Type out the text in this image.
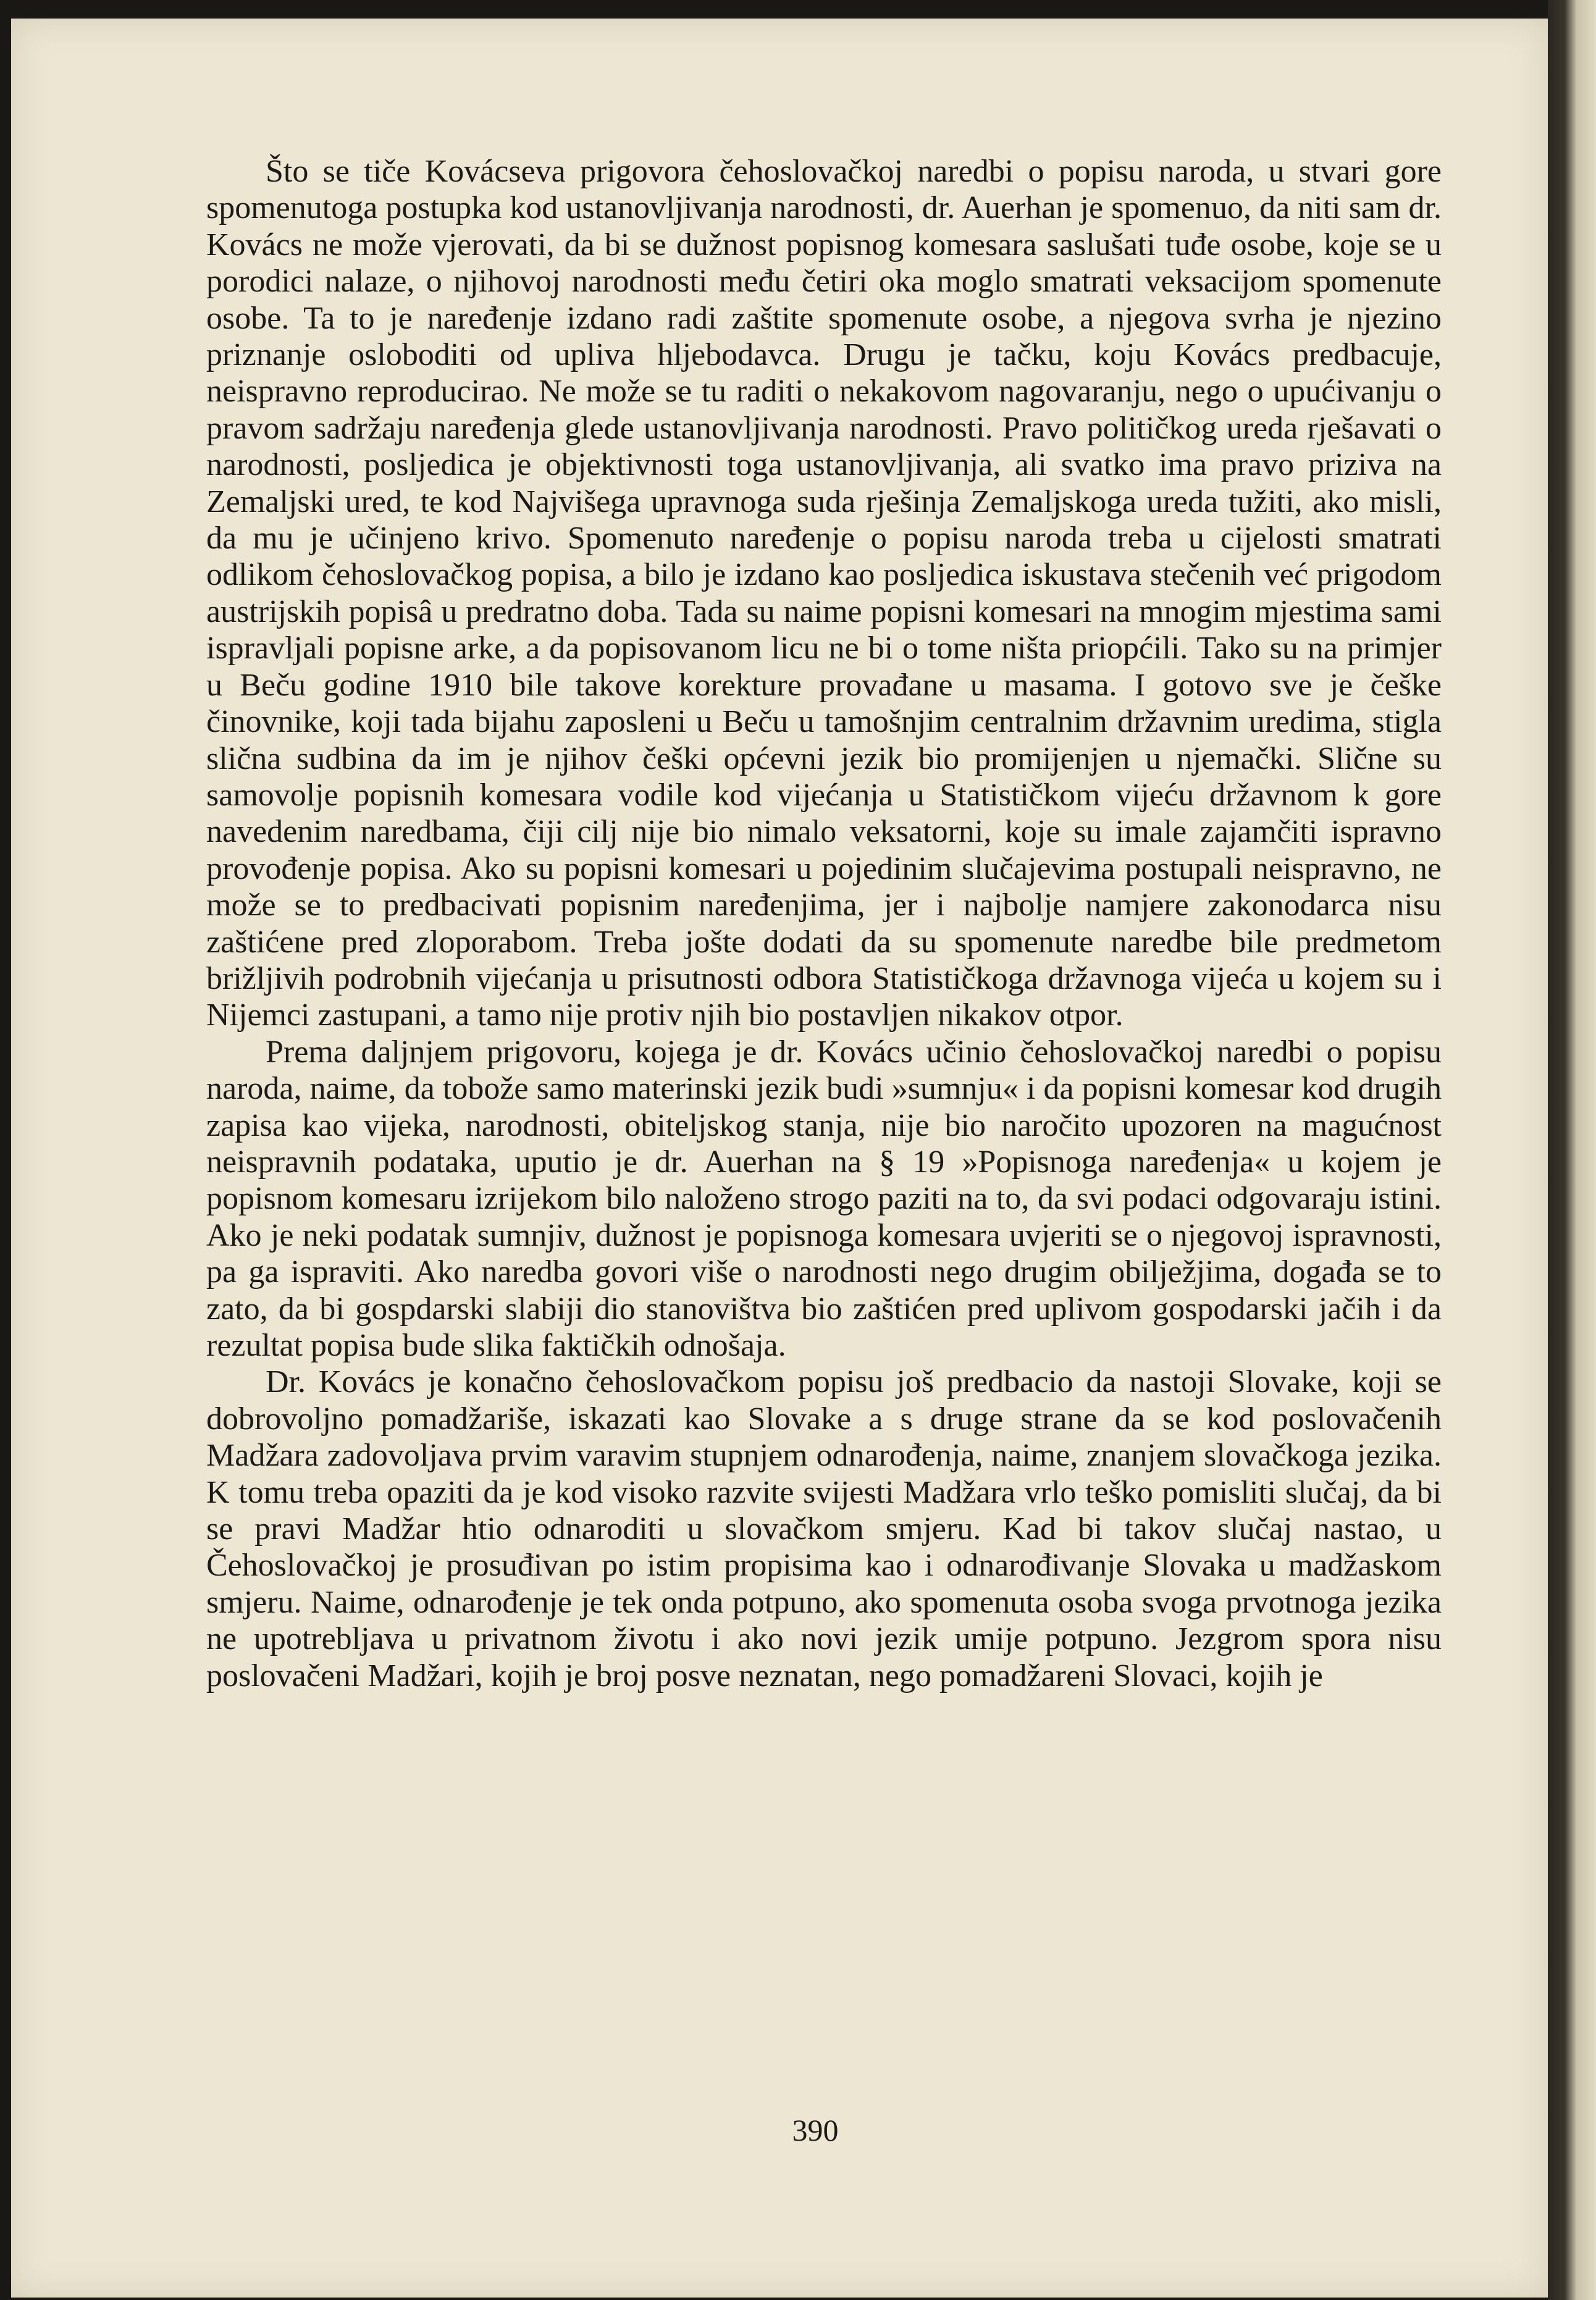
Što se tiče Kovácseva prigovora čehoslovačkoj naredbi o popisu naroda, u stvari gore spomenutoga postupka kod ustanovljivanja narodnosti, dr. Auerhan je spomenuo, da niti sam dr. Kovács ne može vjerovati, da bi se dužnost popisnog komesara saslušati tuđe osobe, koje se u porodici nalaze, o njihovoj narodnosti među četiri oka moglo smatrati veksacijom spomenute osobe. Ta to je naređenje izdano radi zaštite spomenute osobe, a njegova svrha je njezino priznanje osloboditi od upliva hljebodavca. Drugu je tačku, koju Kovács predbacuje, neispravno reproducirao. Ne može se tu raditi o nekakovom nagovaranju, nego o upućivanju o pravom sadržaju naređenja glede ustanovljivanja narodnosti. Pravo političkog ureda rješavati o narodnosti, posljedica je objektivnosti toga ustanovljivanja, ali svatko ima pravo priziva na Zemaljski ured, te kod Najvišega upravnoga suda rješinja Zemaljskoga ureda tužiti, ako misli, da mu je učinjeno krivo. Spomenuto naređenje o popisu naroda treba u cijelosti smatrati odlikom čehoslovačkog popisa, a bilo je izdano kao posljedica iskustava stečenih već prigodom austrijskih popisâ u predratno doba. Tada su naime popisni komesari na mnogim mjestima sami ispravljali popisne arke, a da popisovanom licu ne bi o tome ništa priopćili. Tako su na primjer u Beču godine 1910 bile takove korekture provađane u masama. I gotovo sve je češke činovnike, koji tada bijahu zaposleni u Beču u tamošnjim centralnim državnim uredima, stigla slična sudbina da im je njihov češki općevni jezik bio promijenjen u njemački. Slične su samovolje popisnih komesara vodile kod vijećanja u Statističkom vijeću državnom k gore navedenim naredbama, čiji cilj nije bio nimalo veksatorni, koje su imale zajamčiti ispravno provođenje popisa. Ako su popisni komesari u pojedinim slučajevima postupali neispravno, ne može se to predbacivati popisnim naređenjima, jer i najbolje namjere zakonodarca nisu zaštićene pred zloporabom. Treba jošte dodati da su spomenute naredbe bile predmetom brižljivih podrobnih vijećanja u prisutnosti odbora Statističkoga državnoga vijeća u kojem su i Nijemci zastupani, a tamo nije protiv njih bio postavljen nikakov otpor.

Prema daljnjem prigovoru, kojega je dr. Kovács učinio čehoslovačkoj naredbi o popisu naroda, naime, da tobože samo materinski jezik budi »sumnju« i da popisni komesar kod drugih zapisa kao vijeka, narodnosti, obiteljskog stanja, nije bio naročito upozoren na magućnost neispravnih podataka, uputio je dr. Auerhan na § 19 »Popisnoga naređenja« u kojem je popisnom komesaru izrijekom bilo naloženo strogo paziti na to, da svi podaci odgovaraju istini. Ako je neki podatak sumnjiv, dužnost je popisnoga komesara uvjeriti se o njegovoj ispravnosti, pa ga ispraviti. Ako naredba govori više o narodnosti nego drugim obilježjima, događa se to zato, da bi gospdarski slabiji dio stanovištva bio zaštićen pred uplivom gospodarski jačih i da rezultat popisa bude slika faktičkih odnošaja.

Dr. Kovács je konačno čehoslovačkom popisu još predbacio da nastoji Slovake, koji se dobrovoljno pomadžariše, iskazati kao Slovake a s druge strane da se kod poslovačenih Madžara zadovoljava prvim varavim stupnjem odnarođenja, naime, znanjem slovačkoga jezika. K tomu treba opaziti da je kod visoko razvite svijesti Madžara vrlo teško pomisliti slučaj, da bi se pravi Madžar htio odnaroditi u slovačkom smjeru. Kad bi takov slučaj nastao, u Čehoslovačkoj je prosuđivan po istim propisima kao i odnarođivanje Slovaka u madžaskom smjeru. Naime, odnarođenje je tek onda potpuno, ako spomenuta osoba svoga prvotnoga jezika ne upotrebljava u privatnom životu i ako novi jezik umije potpuno. Jezgrom spora nisu poslovačeni Madžari, kojih je broj posve neznatan, nego pomadžareni Slovaci, kojih je

390
